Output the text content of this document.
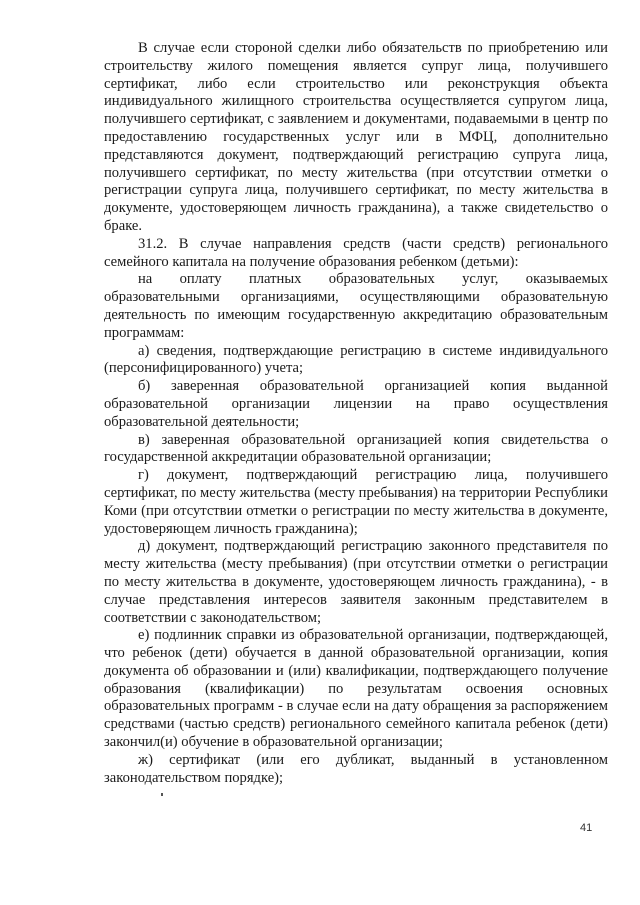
В случае если стороной сделки либо обязательств по приобретению или строительству жилого помещения является супруг лица, получившего сертификат, либо если строительство или реконструкция объекта индивидуального жилищного строительства осуществляется супругом лица, получившего сертификат, с заявлением и документами, подаваемыми в центр по предоставлению государственных услуг или в МФЦ, дополнительно представляются документ, подтверждающий регистрацию супруга лица, получившего сертификат, по месту жительства (при отсутствии отметки о регистрации супруга лица, получившего сертификат, по месту жительства в документе, удостоверяющем личность гражданина), а также свидетельство о браке.

31.2. В случае направления средств (части средств) регионального семейного капитала на получение образования ребенком (детьми):

на оплату платных образовательных услуг, оказываемых образовательными организациями, осуществляющими образовательную деятельность по имеющим государственную аккредитацию образовательным программам:

а) сведения, подтверждающие регистрацию в системе индивидуального (персонифицированного) учета;

б) заверенная образовательной организацией копия выданной образовательной организации лицензии на право осуществления образовательной деятельности;

в) заверенная образовательной организацией копия свидетельства о государственной аккредитации образовательной организации;

г) документ, подтверждающий регистрацию лица, получившего сертификат, по месту жительства (месту пребывания) на территории Республики Коми (при отсутствии отметки о регистрации по месту жительства в документе, удостоверяющем личность гражданина);

д) документ, подтверждающий регистрацию законного представителя по месту жительства (месту пребывания) (при отсутствии отметки о регистрации по месту жительства в документе, удостоверяющем личность гражданина), - в случае представления интересов заявителя законным представителем в соответствии с законодательством;

е) подлинник справки из образовательной организации, подтверждающей, что ребенок (дети) обучается в данной образовательной организации, копия документа об образовании и (или) квалификации, подтверждающего получение образования (квалификации) по результатам освоения основных образовательных программ - в случае если на дату обращения за распоряжением средствами (частью средств) регионального семейного капитала ребенок (дети) закончил(и) обучение в образовательной организации;

ж) сертификат (или его дубликат, выданный в установленном законодательством порядке);

41
